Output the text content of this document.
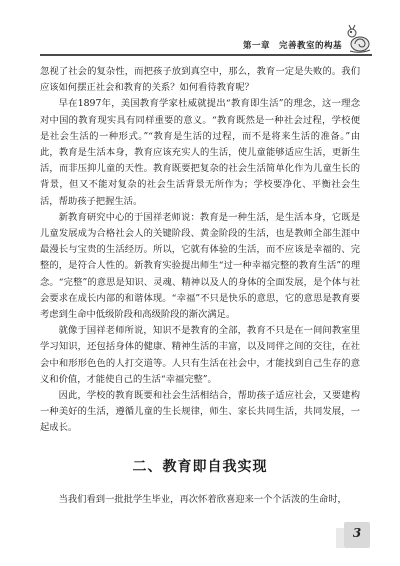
第一章　完善教室的构基

忽视了社会的复杂性，而把孩子放到真空中，那么，教育一定是失败的。我们应该如何摆正社会和教育的关系？如何看待教育呢？

早在1897年，美国教育学家杜威就提出“教育即生活”的理念，这一理念对中国的教育现实具有同样重要的意义。“教育既然是一种社会过程，学校便是社会生活的一种形式。”“教育是生活的过程，而不是将来生活的准备。”由此，教育是生活本身，教育应该充实人的生活，使儿童能够适应生活，更新生活，而非压抑儿童的天性。教育既要把复杂的社会生活简单化作为儿童生长的背景，但又不能对复杂的社会生活背景无所作为；学校要净化、平衡社会生活，帮助孩子把握生活。

新教育研究中心的于国祥老师说：教育是一种生活，是生活本身，它既是儿童发展成为合格社会人的关键阶段、黄金阶段的生活，也是教师全部生涯中最漫长与宝贵的生活经历。所以，它就有体验的生活，而不应该是幸福的、完整的，是符合人性的。新教育实验提出师生“过一种幸福完整的教育生活”的理念。“完整”的意思是知识、灵魂、精神以及人的身体的全面发展，是个体与社会要求在成长内部的和谐体现。“幸福”不只是快乐的意思，它的意思是教育要考虑到生命中低级阶段和高级阶段的渐次满足。

就像于国祥老师所说，知识不是教育的全部，教育不只是在一间间教室里学习知识，还包括身体的健康、精神生活的丰富，以及同伴之间的交往，在社会中和形形色色的人打交道等。人只有生活在社会中，才能找到自己生存的意义和价值，才能使自己的生活“幸福完整”。

因此，学校的教育既要和社会生活相结合，帮助孩子适应社会，又要建构一种美好的生活，遵循儿童的生长规律，师生、家长共同生活，共同发展，一起成长。

二、教育即自我实现
当我们看到一批批学生毕业，再次怀着欣喜迎来一个个活泼的生命时，
3
